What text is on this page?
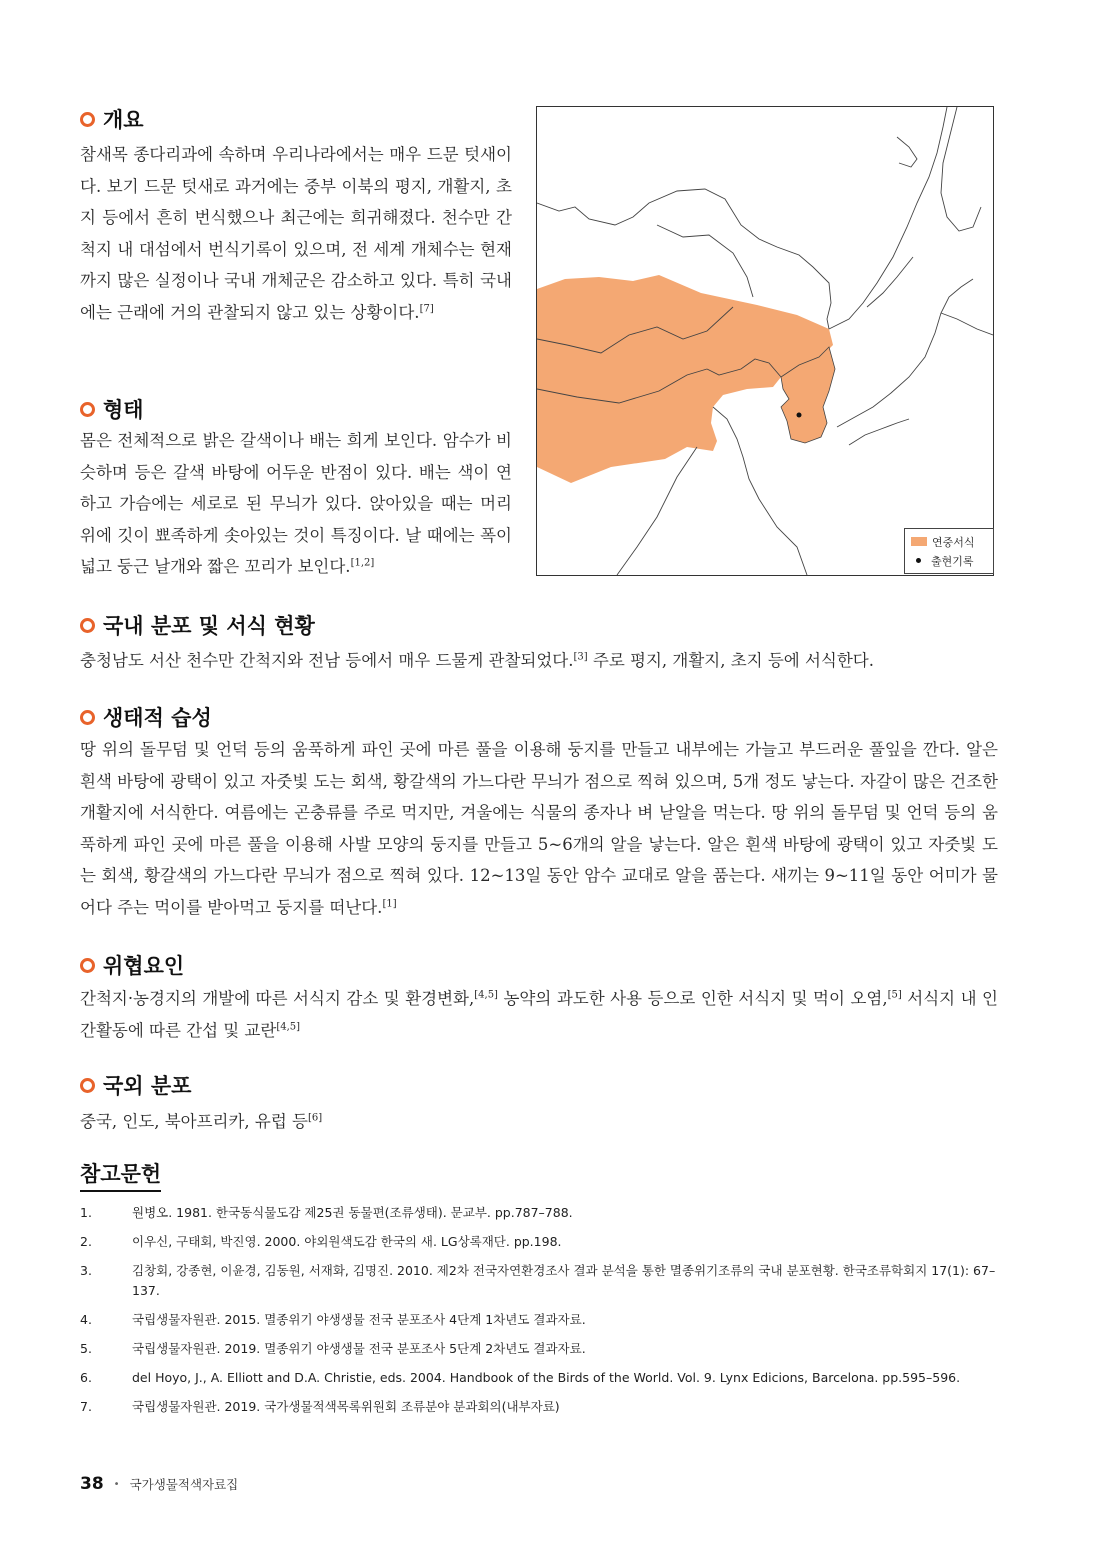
개요

참새목 종다리과에 속하며 우리나라에서는 매우 드문 텃새이다. 보기 드문 텃새로 과거에는 중부 이북의 평지, 개활지, 초지 등에서 흔히 번식했으나 최근에는 희귀해졌다. 천수만 간척지 내 대섬에서 번식기록이 있으며, 전 세계 개체수는 현재까지 많은 실정이나 국내 개체군은 감소하고 있다. 특히 국내에는 근래에 거의 관찰되지 않고 있는 상황이다.[7]

형태

몸은 전체적으로 밝은 갈색이나 배는 희게 보인다. 암수가 비슷하며 등은 갈색 바탕에 어두운 반점이 있다. 배는 색이 연하고 가슴에는 세로로 된 무늬가 있다. 앉아있을 때는 머리 위에 깃이 뾰족하게 솟아있는 것이 특징이다. 날 때에는 폭이 넓고 둥근 날개와 짧은 꼬리가 보인다.[1,2]

연중서식
출현기록
국내 분포 및 서식 현황

충청남도 서산 천수만 간척지와 전남 등에서 매우 드물게 관찰되었다.[3] 주로 평지, 개활지, 초지 등에 서식한다.

생태적 습성

땅 위의 돌무덤 및 언덕 등의 움푹하게 파인 곳에 마른 풀을 이용해 둥지를 만들고 내부에는 가늘고 부드러운 풀잎을 깐다. 알은 흰색 바탕에 광택이 있고 자줏빛 도는 회색, 황갈색의 가느다란 무늬가 점으로 찍혀 있으며, 5개 정도 낳는다. 자갈이 많은 건조한 개활지에 서식한다. 여름에는 곤충류를 주로 먹지만, 겨울에는 식물의 종자나 벼 낟알을 먹는다. 땅 위의 돌무덤 및 언덕 등의 움푹하게 파인 곳에 마른 풀을 이용해 사발 모양의 둥지를 만들고 5~6개의 알을 낳는다. 알은 흰색 바탕에 광택이 있고 자줏빛 도는 회색, 황갈색의 가느다란 무늬가 점으로 찍혀 있다. 12~13일 동안 암수 교대로 알을 품는다. 새끼는 9~11일 동안 어미가 물어다 주는 먹이를 받아먹고 둥지를 떠난다.[1]

위협요인

간척지·농경지의 개발에 따른 서식지 감소 및 환경변화,[4,5] 농약의 과도한 사용 등으로 인한 서식지 및 먹이 오염,[5] 서식지 내 인간활동에 따른 간섭 및 교란[4,5]

국외 분포

중국, 인도, 북아프리카, 유럽 등[6]

참고문헌
1.	원병오. 1981. 한국동식물도감 제25권 동물편(조류생태). 문교부. pp.787–788.
2.	이우신, 구태회, 박진영. 2000. 야외원색도감 한국의 새. LG상록재단. pp.198.
3.	김창회, 강종현, 이윤경, 김동원, 서재화, 김명진. 2010. 제2차 전국자연환경조사 결과 분석을 통한 멸종위기조류의 국내 분포현황. 한국조류학회지 17(1): 67–137.
4.	국립생물자원관. 2015. 멸종위기 야생생물 전국 분포조사 4단계 1차년도 결과자료.
5.	국립생물자원관. 2019. 멸종위기 야생생물 전국 분포조사 5단계 2차년도 결과자료.
6.	del Hoyo, J., A. Elliott and D.A. Christie, eds. 2004. Handbook of the Birds of the World. Vol. 9. Lynx Edicions, Barcelona. pp.595–596.
7.	국립생물자원관. 2019. 국가생물적색목록위원회 조류분야 분과회의(내부자료)
38 • 국가생물적색자료집
